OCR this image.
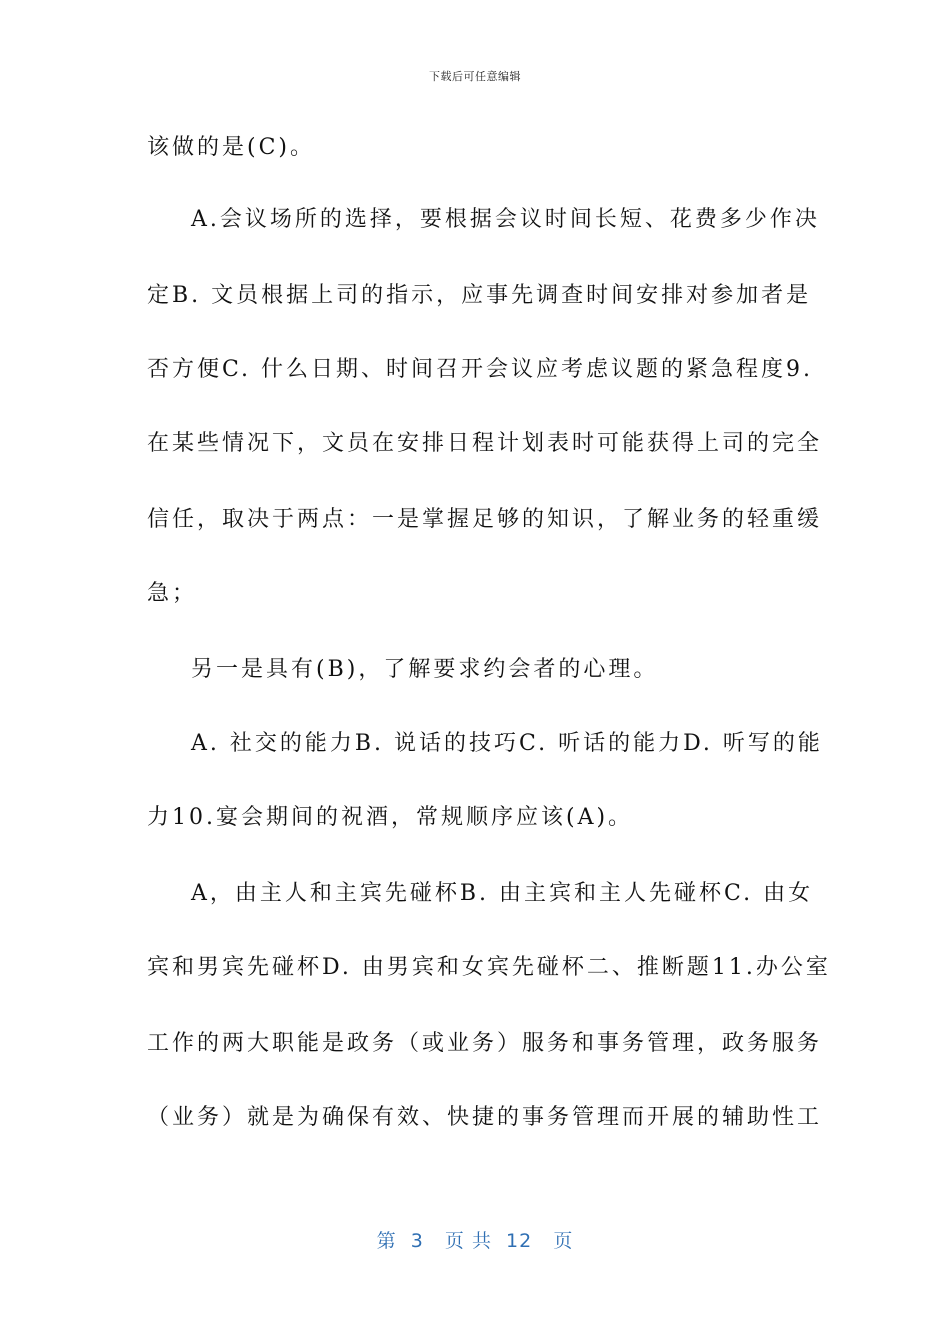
下载后可任意编辑
该做的是(C)。
A.会议场所的选择，要根据会议时间长短、花费多少作决
定B. 文员根据上司的指示，应事先调查时间安排对参加者是
否方便C. 什么日期、时间召开会议应考虑议题的紧急程度9.
在某些情况下，文员在安排日程计划表时可能获得上司的完全
信任，取决于两点：一是掌握足够的知识，了解业务的轻重缓
急；
另一是具有(B)，了解要求约会者的心理。
A. 社交的能力B. 说话的技巧C. 听话的能力D. 听写的能
力10.宴会期间的祝酒，常规顺序应该(A)。
A，由主人和主宾先碰杯B. 由主宾和主人先碰杯C. 由女
宾和男宾先碰杯D. 由男宾和女宾先碰杯二、推断题11.办公室
工作的两大职能是政务（或业务）服务和事务管理，政务服务
（业务）就是为确保有效、快捷的事务管理而开展的辅助性工
第  3   页 共  12   页
